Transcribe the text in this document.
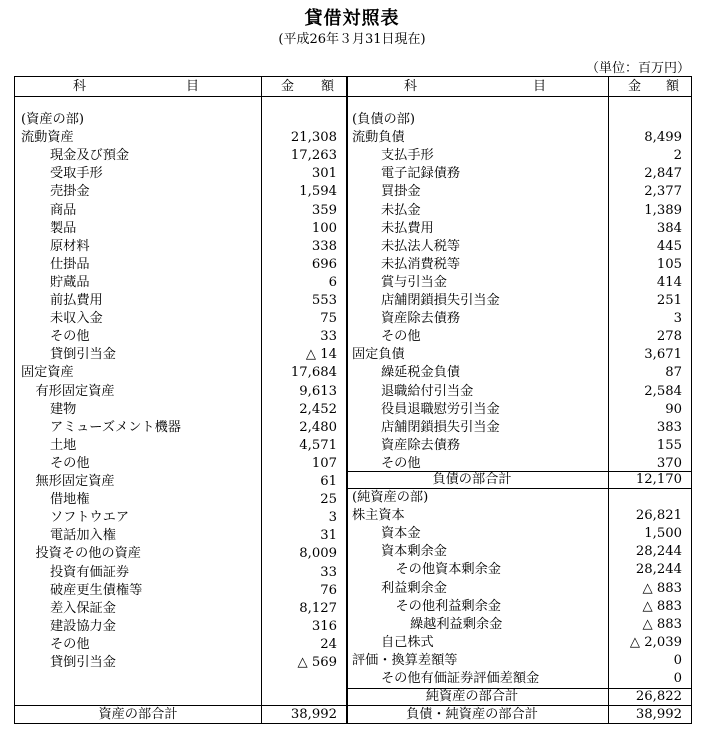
貸借対照表
(平成26年３月31日現在)
（単位：百万円）
科	目	金 額	科	目	金 額
資産の部合計	38,992
負債の部合計	12,170
純資産の部合計	26,822
負債・純資産の部合計	38,992
(資産の部)
流動資産	21,308
現金及び預金	17,263
受取手形	301
売掛金	1,594
商品	359
製品	100
原材料	338
仕掛品	696
貯蔵品	6
前払費用	553
未収入金	75
その他	33
貸倒引当金	△ 14
固定資産	17,684
有形固定資産	9,613
建物	2,452
アミューズメント機器	2,480
土地	4,571
その他	107
無形固定資産	61
借地権	25
ソフトウエア	3
電話加入権	31
投資その他の資産	8,009
投資有価証券	33
破産更生債権等	76
差入保証金	8,127
建設協力金	316
その他	24
貸倒引当金	△ 569
(負債の部)
流動負債	8,499
支払手形	2
電子記録債務	2,847
買掛金	2,377
未払金	1,389
未払費用	384
未払法人税等	445
未払消費税等	105
賞与引当金	414
店舗閉鎖損失引当金	251
資産除去債務	3
その他	278
固定負債	3,671
繰延税金負債	87
退職給付引当金	2,584
役員退職慰労引当金	90
店舗閉鎖損失引当金	383
資産除去債務	155
その他	370
(純資産の部)
株主資本	26,821
資本金	1,500
資本剰余金	28,244
その他資本剰余金	28,244
利益剰余金	△ 883
その他利益剰余金	△ 883
繰越利益剰余金	△ 883
自己株式	△ 2,039
評価・換算差額等	0
その他有価証券評価差額金	0
